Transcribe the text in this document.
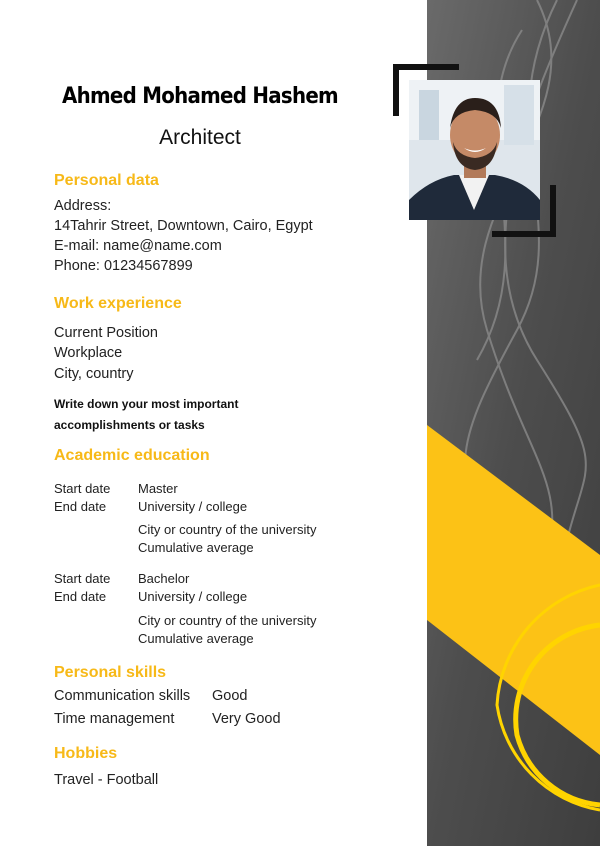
Ahmed Mohamed Hashem
Architect
Personal data
Address:
14Tahrir Street, Downtown, Cairo, Egypt
E-mail: name@name.com
Phone: 01234567899
Work experience
Current Position
Workplace
City, country
Write down your most important
accomplishments or tasks
Academic education
Start date
End date
Master
University / college
City or country of the university
Cumulative average
Start date
End date
Bachelor
University / college
City or country of the university
Cumulative average
Personal skills
Communication skills Good
Time management	Very Good
Hobbies
Travel - Football
